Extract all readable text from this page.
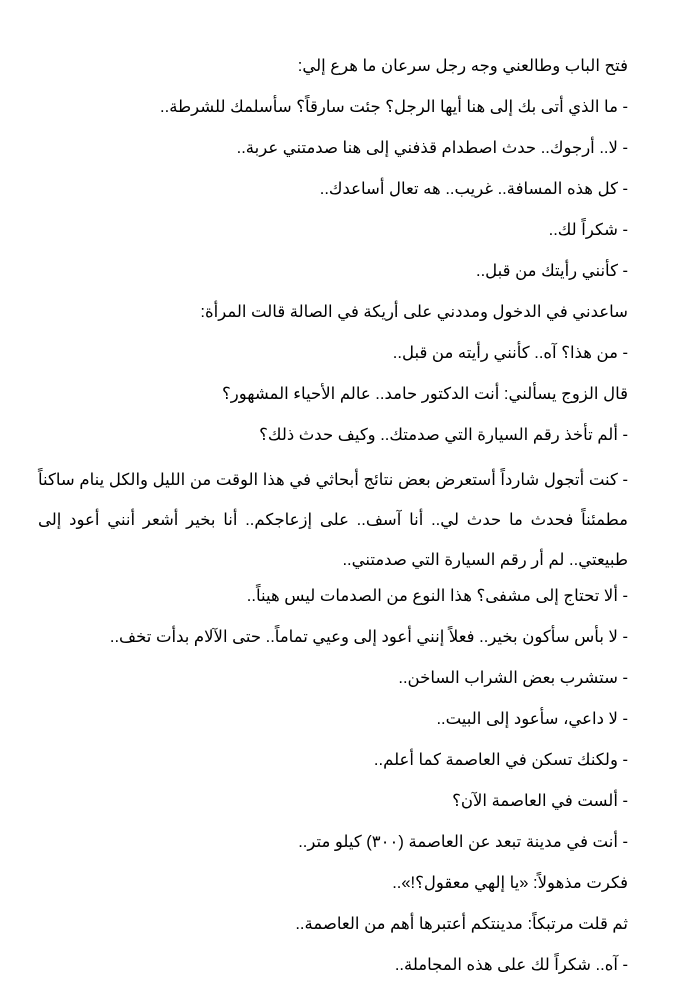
فتح الباب وطالعني وجه رجل سرعان ما هرع إلي:

- ما الذي أتى بك إلى هنا أيها الرجل؟ جئت سارقاً؟ سأسلمك للشرطة..

- لا.. أرجوك.. حدث اصطدام قذفني إلى هنا صدمتني عربة..

- كل هذه المسافة.. غريب.. هه تعال أساعدك..

- شكراً لك..

- كأنني رأيتك من قبل..

ساعدني في الدخول ومددني على أريكة في الصالة قالت المرأة:

- من هذا؟ آه.. كأنني رأيته من قبل..

قال الزوج يسألني: أنت الدكتور حامد.. عالم الأحياء المشهور؟

- ألم تأخذ رقم السيارة التي صدمتك.. وكيف حدث ذلك؟

- كنت أتجول شارداً أستعرض بعض نتائج أبحاثي في هذا الوقت من الليل والكل ينام ساكناً مطمئناً فحدث ما حدث لي.. أنا آسف.. على إزعاجكم.. أنا بخير أشعر أنني أعود إلى طبيعتي.. لم أر رقم السيارة التي صدمتني..

- ألا تحتاج إلى مشفى؟ هذا النوع من الصدمات ليس هيناً..

- لا بأس سأكون بخير.. فعلاً إنني أعود إلى وعيي تماماً.. حتى الآلام بدأت تخف..

- ستشرب بعض الشراب الساخن..

- لا داعي، سأعود إلى البيت..

- ولكنك تسكن في العاصمة كما أعلم..

- ألست في العاصمة الآن؟

- أنت في مدينة تبعد عن العاصمة (٣٠٠) كيلو متر..

فكرت مذهولاً: «يا إلهي معقول؟!»..

ثم قلت مرتبكاً: مدينتكم أعتبرها أهم من العاصمة..

- آه.. شكراً لك على هذه المجاملة..
